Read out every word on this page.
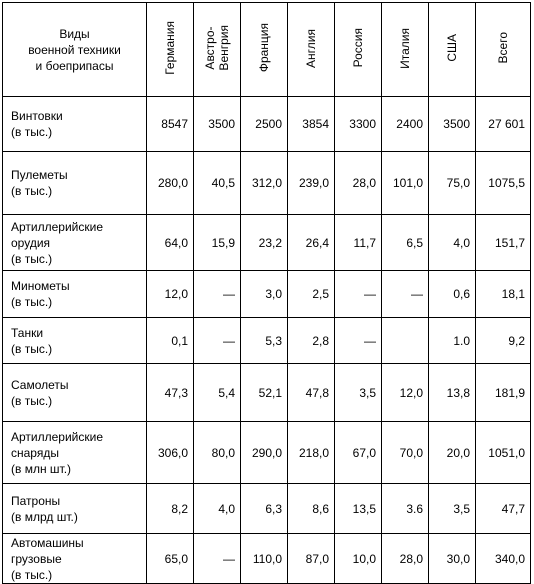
Виды
военной техники
и боеприпасы	Германия	Австро-
Венгрия	Франция	Англия	Россия	Италия	США	Всего
Винтовки
(в тыс.)	8547	3500	2500	3854	3300	2400	3500	27 601
Пулеметы
(в тыс.)	280,0	40,5	312,0	239,0	28,0	101,0	75,0	1075,5
Артиллерийские
орудия
(в тыс.)	64,0	15,9	23,2	26,4	11,7	6,5	4,0	151,7
Минометы
(в тыс.)	12,0	—	3,0	2,5	—	—	0,6	18,1
Танки
(в тыс.)	0,1	—	5,3	2,8	—		1.0	9,2
Самолеты
(в тыс.)	47,3	5,4	52,1	47,8	3,5	12,0	13,8	181,9
Артиллерийские
снаряды
(в млн шт.)	306,0	80,0	290,0	218,0	67,0	70,0	20,0	1051,0
Патроны
(в млрд шт.)	8,2	4,0	6,3	8,6	13,5	3.6	3,5	47,7
Автомашины
грузовые
(в тыс.)	65,0	—	110,0	87,0	10,0	28,0	30,0	340,0
